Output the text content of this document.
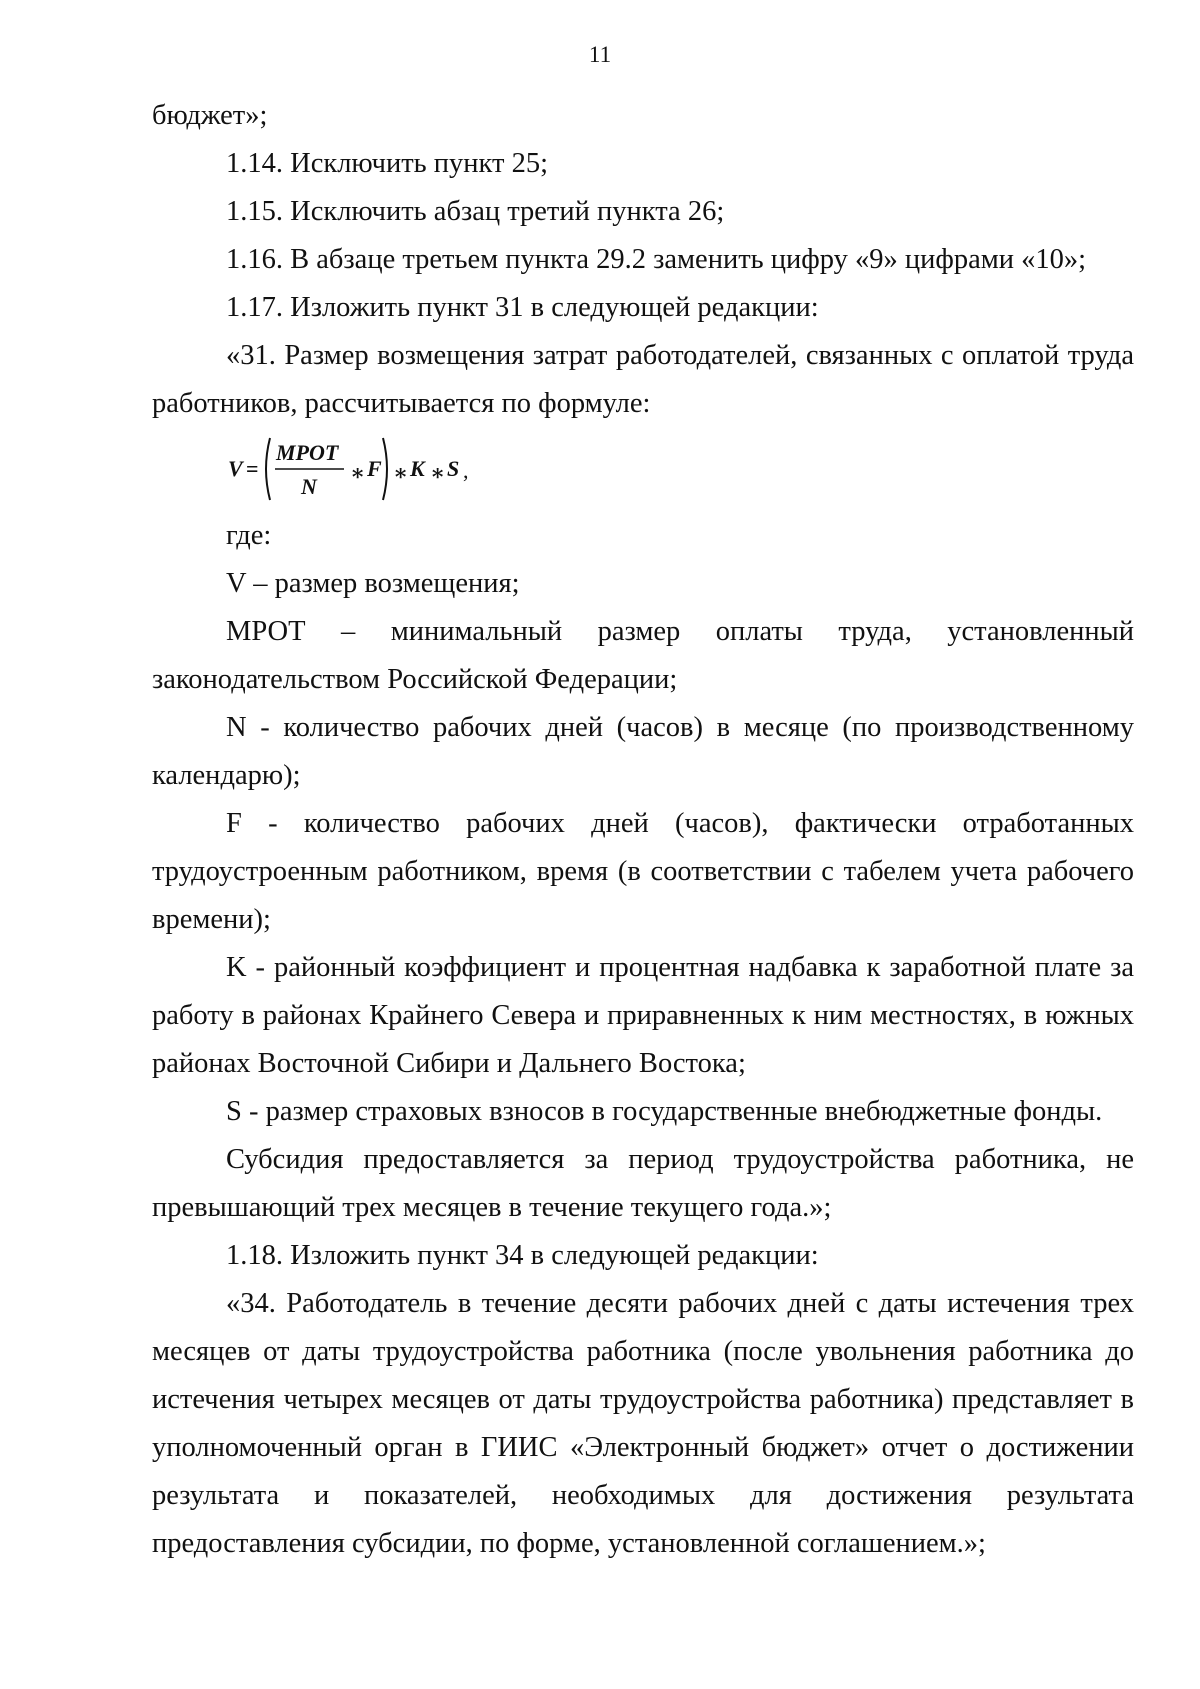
11

бюджет»;

1.14. Исключить пункт 25;

1.15. Исключить абзац третий пункта 26;

1.16. В абзаце третьем пункта 29.2 заменить цифру «9» цифрами «10»;

1.17. Изложить пункт 31 в следующей редакции:

«31. Размер возмещения затрат работодателей, связанных с оплатой труда работников, рассчитывается по формуле:

V =
MPOT
N
∗ F ∗ K ∗ S ,

где:

V – размер возмещения;

МРОТ – минимальный размер оплаты труда, установленный законодательством Российской Федерации;

N - количество рабочих дней (часов) в месяце (по производственному календарю);

F - количество рабочих дней (часов), фактически отработанных трудоустроенным работником, время (в соответствии с табелем учета рабочего времени);

K - районный коэффициент и процентная надбавка к заработной плате за работу в районах Крайнего Севера и приравненных к ним местностях, в южных районах Восточной Сибири и Дальнего Востока;

S - размер страховых взносов в государственные внебюджетные фонды.

Субсидия предоставляется за период трудоустройства работника, не превышающий трех месяцев в течение текущего года.»;

1.18. Изложить пункт 34 в следующей редакции:

«34. Работодатель в течение десяти рабочих дней с даты истечения трех месяцев от даты трудоустройства работника (после увольнения работника до истечения четырех месяцев от даты трудоустройства работника) представляет в уполномоченный орган в ГИИС «Электронный бюджет» отчет о достижении результата и показателей, необходимых для достижения результата предоставления субсидии, по форме, установленной соглашением.»;
